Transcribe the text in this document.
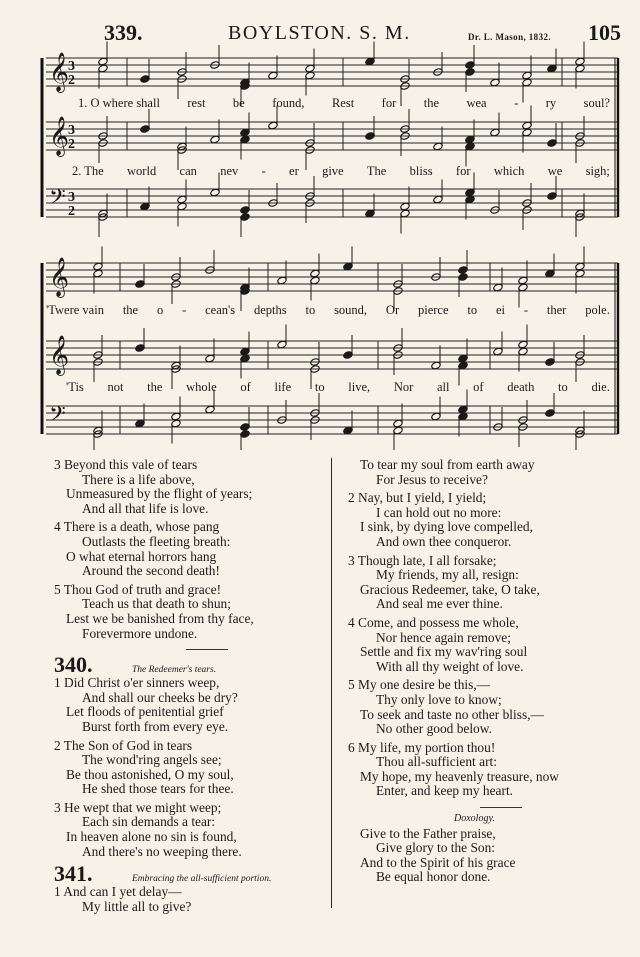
339.	BOYLSTON. S. M.	Dr. L. Mason, 1832. 105
𝄞
𝄞
𝄢
3
2
3
2
3
2
𝄞
𝄞
𝄢
1. O where shall rest be found, Rest for the wea - ry soul?
2. The world can nev - er give The bliss for which we sigh;
'Twere vain the o - cean's depths to sound, Or pierce to ei - ther pole.
'Tis not the whole of life to live, Nor all of death to die.
3 Beyond this vale of tears
There is a life above,
Unmeasured by the flight of years;
And all that life is love.
4 There is a death, whose pang
Outlasts the fleeting breath:
O what eternal horrors hang
Around the second death!
5 Thou God of truth and grace!
Teach us that death to shun;
Lest we be banished from thy face,
Forevermore undone.
340.	The Redeemer's tears.
1 Did Christ o'er sinners weep,
And shall our cheeks be dry?
Let floods of penitential grief
Burst forth from every eye.
2 The Son of God in tears
The wond'ring angels see;
Be thou astonished, O my soul,
He shed those tears for thee.
3 He wept that we might weep;
Each sin demands a tear:
In heaven alone no sin is found,
And there's no weeping there.
341.	Embracing the all-sufficient portion.
1 And can I yet delay—
My little all to give?
To tear my soul from earth away
For Jesus to receive?
2 Nay, but I yield, I yield;
I can hold out no more:
I sink, by dying love compelled,
And own thee conqueror.
3 Though late, I all forsake;
My friends, my all, resign:
Gracious Redeemer, take, O take,
And seal me ever thine.
4 Come, and possess me whole,
Nor hence again remove;
Settle and fix my wav'ring soul
With all thy weight of love.
5 My one desire be this,—
Thy only love to know;
To seek and taste no other bliss,—
No other good below.
6 My life, my portion thou!
Thou all-sufficient art:
My hope, my heavenly treasure, now
Enter, and keep my heart.
Doxology.
Give to the Father praise,
Give glory to the Son:
And to the Spirit of his grace
Be equal honor done.
